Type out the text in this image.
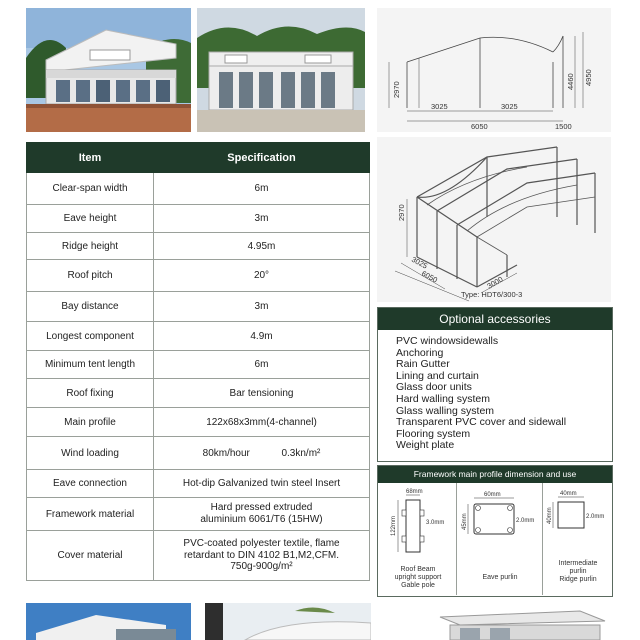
2970
3025	3025
6050	1500
4460 4950
2970
3025
6050	3000
Type: HDT6/300-3
Item	Specification
Clear-span width	6m
Eave height	3m
Ridge height	4.95m
Roof pitch	20°
Bay distance	3m
Longest component	4.9m
Minimum tent length	6m
Roof fixing	Bar tensioning
Main profile	122x68x3mm(4-channel)
Wind loading	80km/hour 0.3kn/m²
Eave connection	Hot-dip Galvanized twin steel Insert
Framework material	Hard pressed extruded
aluminium 6061/T6 (15HW)

Cover material	PVC-coated polyester textile, flame
retardant to DIN 4102 B1,M2,CFM.
750g-900g/m²
Optional accessories
PVC windowsidewalls
Anchoring
Rain Gutter
Lining and curtain
Glass door units
Hard walling system
Glass walling system
Transparent PVC cover and sidewall
Flooring system
Weight plate
Framework main profile dimension and use
68mm
122mm	3.0mm
Roof Beam
upright support
Gable pole
60mm
45mm	2.0mm
Eave purlin
40mm
40mm	2.0mm
Intermediate
purlin
Ridge purlin
